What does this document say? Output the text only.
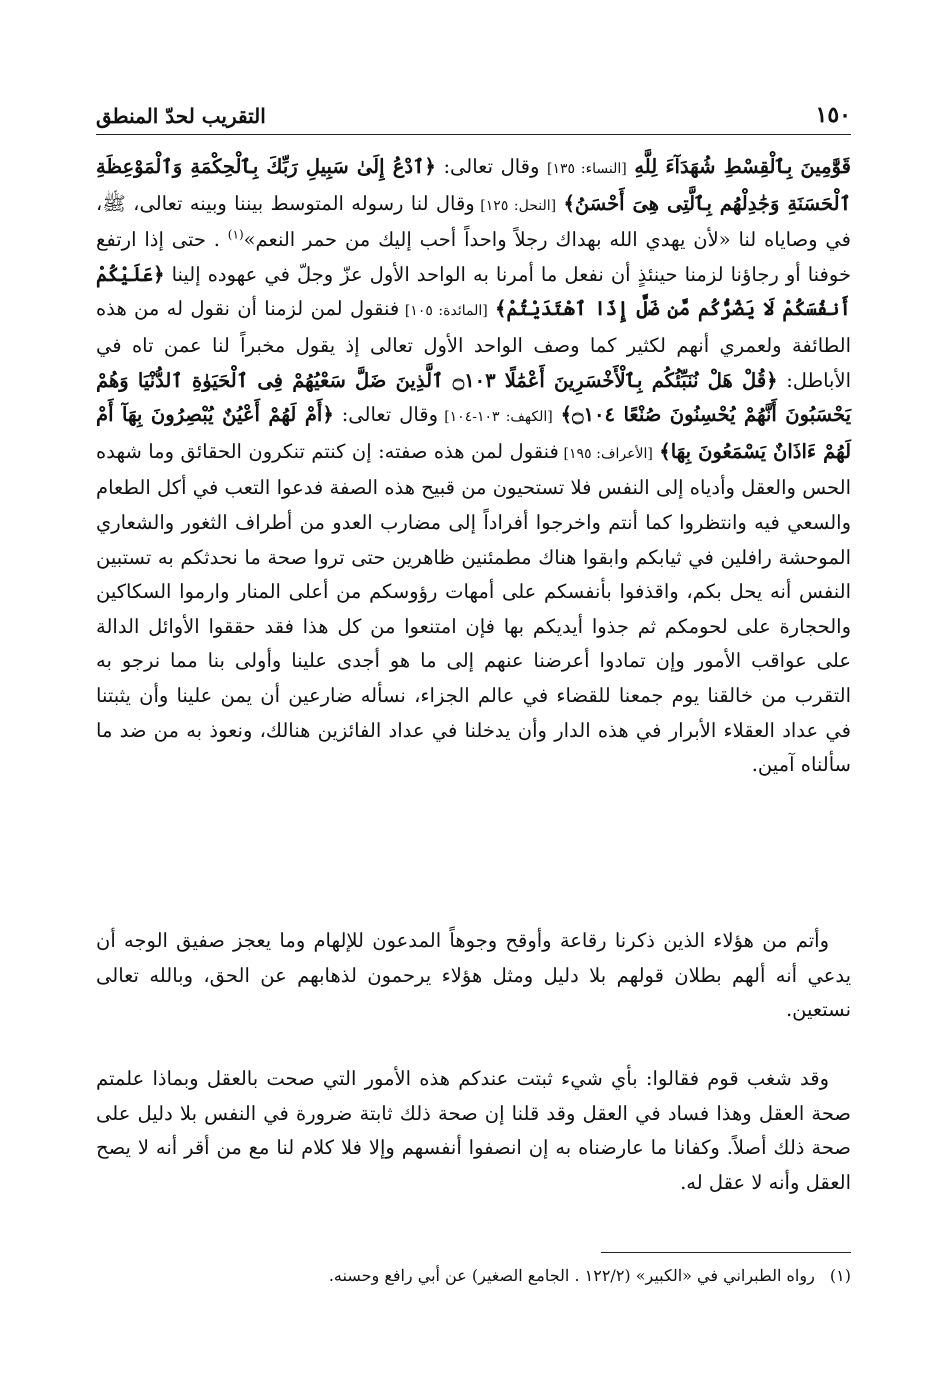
١٥٠
التقريب لحدّ المنطق

قَوَّٰمِينَ بِٱلْقِسْطِ شُهَدَآءَ لِلَّهِ [النساء: ١٣٥] وقال تعالى: ﴿ٱدْعُ إِلَىٰ سَبِيلِ رَبِّكَ بِٱلْحِكْمَةِ وَٱلْمَوْعِظَةِ ٱلْحَسَنَةِ وَجَٰدِلْهُم بِٱلَّتِى هِىَ أَحْسَنُ﴾ [النحل: ١٢٥] وقال لنا رسوله المتوسط بيننا وبينه تعالى، ﷺ، في وصاياه لنا «لأن يهدي الله بهداك رجلاً واحداً أحب إليك من حمر النعم»$^{(١)}$ . حتى إذا ارتفع خوفنا أو رجاؤنا لزمنا حينئذٍ أن نفعل ما أمرنا به الواحد الأول عزّ وجلّ في عهوده إلينا ﴿عَلَيْكُمْ أَنفُسَكُمْ لَا يَضُرُّكُم مَّن ضَلَّ إِذَا ٱهْتَدَيْتُمْ﴾ [المائدة: ١٠٥] فنقول لمن لزمنا أن نقول له من هذه الطائفة ولعمري أنهم لكثير كما وصف الواحد الأول تعالى إذ يقول مخبراً لنا عمن تاه في الأباطل: ﴿قُلْ هَلْ نُنَبِّئُكُم بِٱلْأَخْسَرِينَ أَعْمَٰلًا ۝١٠٣ ٱلَّذِينَ ضَلَّ سَعْيُهُمْ فِى ٱلْحَيَوٰةِ ٱلدُّنْيَا وَهُمْ يَحْسَبُونَ أَنَّهُمْ يُحْسِنُونَ صُنْعًا ۝١٠٤﴾ [الكهف: ١٠٣-١٠٤] وقال تعالى: ﴿أَمْ لَهُمْ أَعْيُنٌ يُبْصِرُونَ بِهَآ أَمْ لَهُمْ ءَاذَانٌ يَسْمَعُونَ بِهَا﴾ [الأعراف: ١٩٥] فنقول لمن هذه صفته: إن كنتم تنكرون الحقائق وما شهده الحس والعقل وأدياه إلى النفس فلا تستحيون من قبيح هذه الصفة فدعوا التعب في أكل الطعام والسعي فيه وانتظروا كما أنتم واخرجوا أفراداً إلى مضارب العدو من أطراف الثغور والشعاري الموحشة رافلين في ثيابكم وابقوا هناك مطمئنين ظاهرين حتى تروا صحة ما نحدثكم به تستبين النفس أنه يحل بكم، واقذفوا بأنفسكم على أمهات رؤوسكم من أعلى المنار وارموا السكاكين والحجارة على لحومكم ثم جذوا أيديكم بها فإن امتنعوا من كل هذا فقد حققوا الأوائل الدالة على عواقب الأمور وإن تمادوا أعرضنا عنهم إلى ما هو أجدى علينا وأولى بنا مما نرجو به التقرب من خالقنا يوم جمعنا للقضاء في عالم الجزاء، نسأله ضارعين أن يمن علينا وأن يثبتنا في عداد العقلاء الأبرار في هذه الدار وأن يدخلنا في عداد الفائزين هنالك، ونعوذ به من ضد ما سألناه آمين.

وأتم من هؤلاء الذين ذكرنا رقاعة وأوقح وجوهاً المدعون للإلهام وما يعجز صفيق الوجه أن يدعي أنه ألهم بطلان قولهم بلا دليل ومثل هؤلاء يرحمون لذهابهم عن الحق، وبالله تعالى نستعين.

وقد شغب قوم فقالوا: بأي شيء ثبتت عندكم هذه الأمور التي صحت بالعقل وبماذا علمتم صحة العقل وهذا فساد في العقل وقد قلنا إن صحة ذلك ثابتة ضرورة في النفس بلا دليل على صحة ذلك أصلاً. وكفانا ما عارضناه به إن انصفوا أنفسهم وإلا فلا كلام لنا مع من أقر أنه لا يصح العقل وأنه لا عقل له.

(١) رواه الطبراني في «الكبير» (١٢٢/٢ . الجامع الصغير) عن أبي رافع وحسنه.
